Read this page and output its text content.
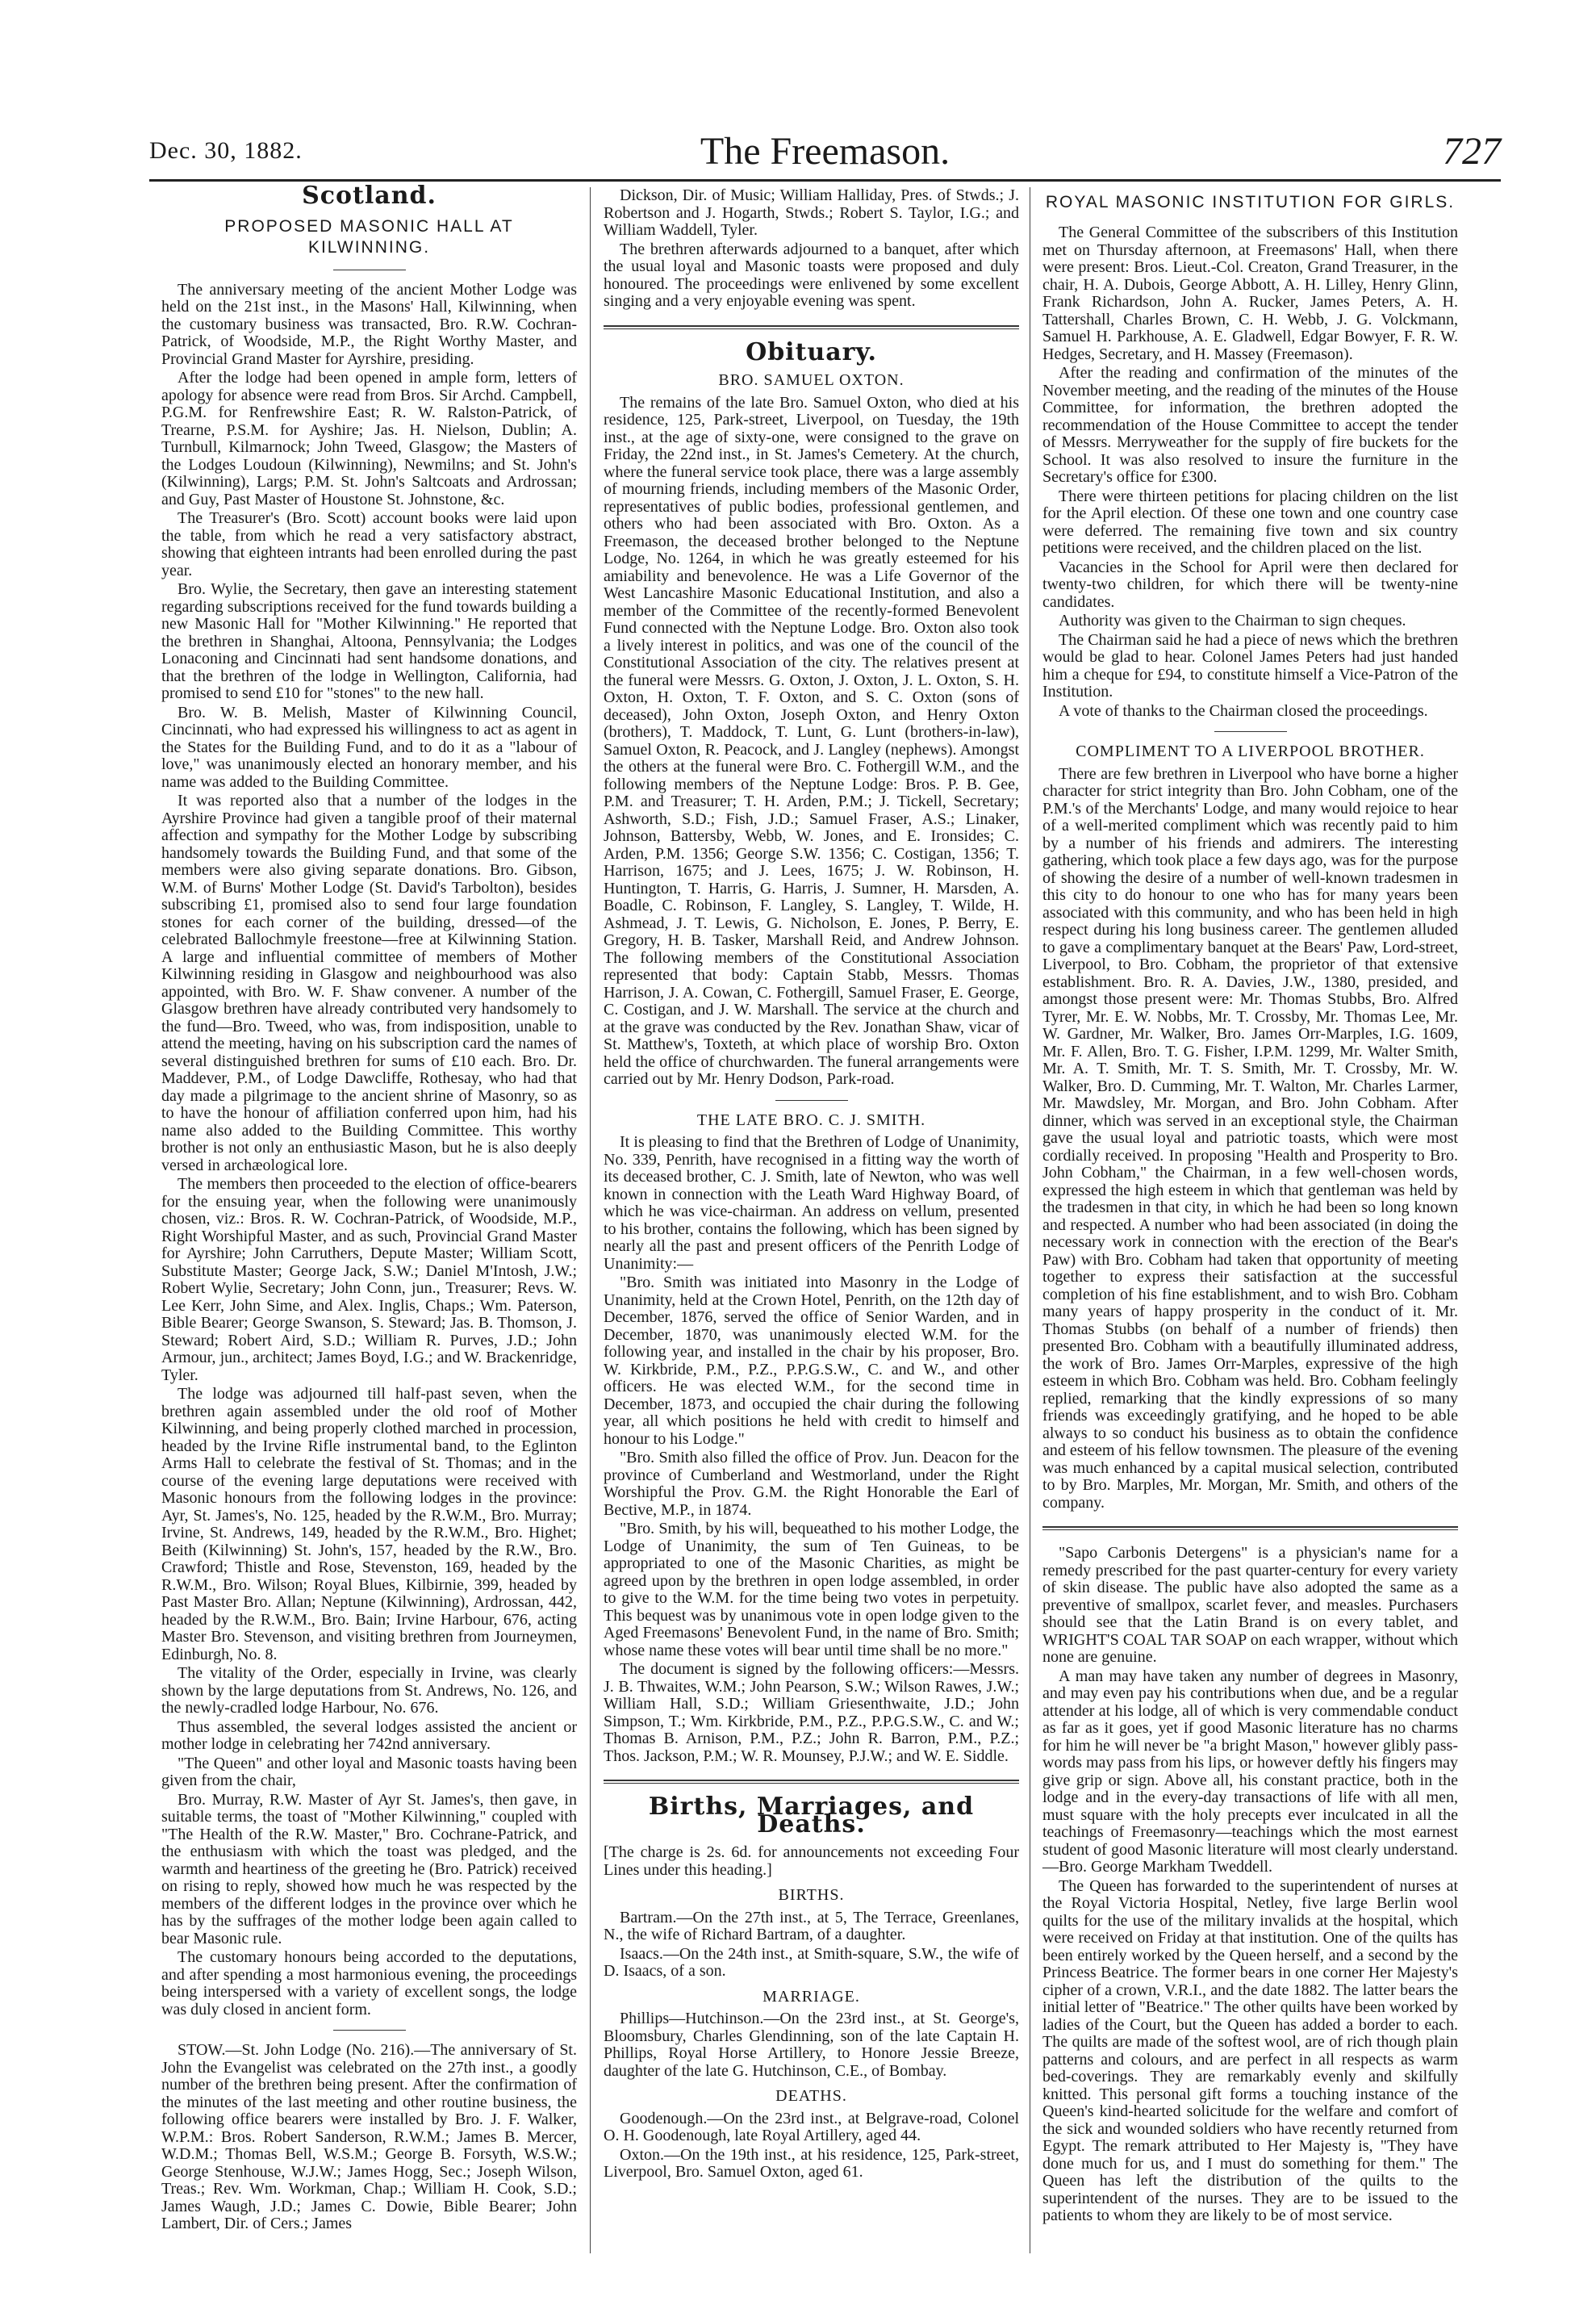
Dec. 30, 1882.	The Freemason.	727
Scotland.
PROPOSED MASONIC HALL AT KILWINNING.

The anniversary meeting of the ancient Mother Lodge was held on the 21st inst., in the Masons' Hall, Kilwinning, when the customary business was transacted, Bro. R.W. Cochran-Patrick, of Woodside, M.P., the Right Worthy Master, and Provincial Grand Master for Ayrshire, presiding.

After the lodge had been opened in ample form, letters of apology for absence were read from Bros. Sir Archd. Campbell, P.G.M. for Renfrewshire East; R. W. Ralston-Patrick, of Trearne, P.S.M. for Ayshire; Jas. H. Nielson, Dublin; A. Turnbull, Kilmarnock; John Tweed, Glasgow; the Masters of the Lodges Loudoun (Kilwinning), Newmilns; and St. John's (Kilwinning), Largs; P.M. St. John's Saltcoats and Ardrossan; and Guy, Past Master of Houstone St. Johnstone, &c.

The Treasurer's (Bro. Scott) account books were laid upon the table, from which he read a very satisfactory abstract, showing that eighteen intrants had been enrolled during the past year.

Bro. Wylie, the Secretary, then gave an interesting statement regarding subscriptions received for the fund towards building a new Masonic Hall for "Mother Kilwinning." He reported that the brethren in Shanghai, Altoona, Pennsylvania; the Lodges Lonaconing and Cincinnati had sent handsome donations, and that the brethren of the lodge in Wellington, California, had promised to send £10 for "stones" to the new hall.

Bro. W. B. Melish, Master of Kilwinning Council, Cincinnati, who had expressed his willingness to act as agent in the States for the Building Fund, and to do it as a "labour of love," was unanimously elected an honorary member, and his name was added to the Building Committee.

It was reported also that a number of the lodges in the Ayrshire Province had given a tangible proof of their maternal affection and sympathy for the Mother Lodge by subscribing handsomely towards the Building Fund, and that some of the members were also giving separate donations. Bro. Gibson, W.M. of Burns' Mother Lodge (St. David's Tarbolton), besides subscribing £1, promised also to send four large foundation stones for each corner of the building, dressed—of the celebrated Ballochmyle freestone—free at Kilwinning Station. A large and influential committee of members of Mother Kilwinning residing in Glasgow and neighbourhood was also appointed, with Bro. W. F. Shaw convener. A number of the Glasgow brethren have already contributed very handsomely to the fund—Bro. Tweed, who was, from indisposition, unable to attend the meeting, having on his subscription card the names of several distinguished brethren for sums of £10 each. Bro. Dr. Maddever, P.M., of Lodge Dawcliffe, Rothesay, who had that day made a pilgrimage to the ancient shrine of Masonry, so as to have the honour of affiliation conferred upon him, had his name also added to the Building Committee. This worthy brother is not only an enthusiastic Mason, but he is also deeply versed in archæological lore.

The members then proceeded to the election of office-bearers for the ensuing year, when the following were unanimously chosen, viz.: Bros. R. W. Cochran-Patrick, of Woodside, M.P., Right Worshipful Master, and as such, Provincial Grand Master for Ayrshire; John Carruthers, Depute Master; William Scott, Substitute Master; George Jack, S.W.; Daniel M'Intosh, J.W.; Robert Wylie, Secretary; John Conn, jun., Treasurer; Revs. W. Lee Kerr, John Sime, and Alex. Inglis, Chaps.; Wm. Paterson, Bible Bearer; George Swanson, S. Steward; Jas. B. Thomson, J. Steward; Robert Aird, S.D.; William R. Purves, J.D.; John Armour, jun., architect; James Boyd, I.G.; and W. Brackenridge, Tyler.

The lodge was adjourned till half-past seven, when the brethren again assembled under the old roof of Mother Kilwinning, and being properly clothed marched in procession, headed by the Irvine Rifle instrumental band, to the Eglinton Arms Hall to celebrate the festival of St. Thomas; and in the course of the evening large deputations were received with Masonic honours from the following lodges in the province: Ayr, St. James's, No. 125, headed by the R.W.M., Bro. Murray; Irvine, St. Andrews, 149, headed by the R.W.M., Bro. Highet; Beith (Kilwinning) St. John's, 157, headed by the R.W., Bro. Crawford; Thistle and Rose, Stevenston, 169, headed by the R.W.M., Bro. Wilson; Royal Blues, Kilbirnie, 399, headed by Past Master Bro. Allan; Neptune (Kilwinning), Ardrossan, 442, headed by the R.W.M., Bro. Bain; Irvine Harbour, 676, acting Master Bro. Stevenson, and visiting brethren from Journeymen, Edinburgh, No. 8.

The vitality of the Order, especially in Irvine, was clearly shown by the large deputations from St. Andrews, No. 126, and the newly-cradled lodge Harbour, No. 676.

Thus assembled, the several lodges assisted the ancient or mother lodge in celebrating her 742nd anniversary.

"The Queen" and other loyal and Masonic toasts having been given from the chair,

Bro. Murray, R.W. Master of Ayr St. James's, then gave, in suitable terms, the toast of "Mother Kilwinning," coupled with "The Health of the R.W. Master," Bro. Cochrane-Patrick, and the enthusiasm with which the toast was pledged, and the warmth and heartiness of the greeting he (Bro. Patrick) received on rising to reply, showed how much he was respected by the members of the different lodges in the province over which he has by the suffrages of the mother lodge been again called to bear Masonic rule.

The customary honours being accorded to the deputations, and after spending a most harmonious evening, the proceedings being interspersed with a variety of excellent songs, the lodge was duly closed in ancient form.

STOW.—St. John Lodge (No. 216).—The anniversary of St. John the Evangelist was celebrated on the 27th inst., a goodly number of the brethren being present. After the confirmation of the minutes of the last meeting and other routine business, the following office bearers were installed by Bro. J. F. Walker, W.P.M.: Bros. Robert Sanderson, R.W.M.; James B. Mercer, W.D.M.; Thomas Bell, W.S.M.; George B. Forsyth, W.S.W.; George Stenhouse, W.J.W.; James Hogg, Sec.; Joseph Wilson, Treas.; Rev. Wm. Workman, Chap.; William H. Cook, S.D.; James Waugh, J.D.; James C. Dowie, Bible Bearer; John Lambert, Dir. of Cers.; James

Dickson, Dir. of Music; William Halliday, Pres. of Stwds.; J. Robertson and J. Hogarth, Stwds.; Robert S. Taylor, I.G.; and William Waddell, Tyler.

The brethren afterwards adjourned to a banquet, after which the usual loyal and Masonic toasts were proposed and duly honoured. The proceedings were enlivened by some excellent singing and a very enjoyable evening was spent.

Obituary.
BRO. SAMUEL OXTON.

The remains of the late Bro. Samuel Oxton, who died at his residence, 125, Park-street, Liverpool, on Tuesday, the 19th inst., at the age of sixty-one, were consigned to the grave on Friday, the 22nd inst., in St. James's Cemetery. At the church, where the funeral service took place, there was a large assembly of mourning friends, including members of the Masonic Order, representatives of public bodies, professional gentlemen, and others who had been associated with Bro. Oxton. As a Freemason, the deceased brother belonged to the Neptune Lodge, No. 1264, in which he was greatly esteemed for his amiability and benevolence. He was a Life Governor of the West Lancashire Masonic Educational Institution, and also a member of the Committee of the recently-formed Benevolent Fund connected with the Neptune Lodge. Bro. Oxton also took a lively interest in politics, and was one of the council of the Constitutional Association of the city. The relatives present at the funeral were Messrs. G. Oxton, J. Oxton, J. L. Oxton, S. H. Oxton, H. Oxton, T. F. Oxton, and S. C. Oxton (sons of deceased), John Oxton, Joseph Oxton, and Henry Oxton (brothers), T. Maddock, T. Lunt, G. Lunt (brothers-in-law), Samuel Oxton, R. Peacock, and J. Langley (nephews). Amongst the others at the funeral were Bro. C. Fothergill W.M., and the following members of the Neptune Lodge: Bros. P. B. Gee, P.M. and Treasurer; T. H. Arden, P.M.; J. Tickell, Secretary; Ashworth, S.D.; Fish, J.D.; Samuel Fraser, A.S.; Linaker, Johnson, Battersby, Webb, W. Jones, and E. Ironsides; C. Arden, P.M. 1356; George S.W. 1356; C. Costigan, 1356; T. Harrison, 1675; and J. Lees, 1675; J. W. Robinson, H. Huntington, T. Harris, G. Harris, J. Sumner, H. Marsden, A. Boadle, C. Robinson, F. Langley, S. Langley, T. Wilde, H. Ashmead, J. T. Lewis, G. Nicholson, E. Jones, P. Berry, E. Gregory, H. B. Tasker, Marshall Reid, and Andrew Johnson. The following members of the Constitutional Association represented that body: Captain Stabb, Messrs. Thomas Harrison, J. A. Cowan, C. Fothergill, Samuel Fraser, E. George, C. Costigan, and J. W. Marshall. The service at the church and at the grave was conducted by the Rev. Jonathan Shaw, vicar of St. Matthew's, Toxteth, at which place of worship Bro. Oxton held the office of churchwarden. The funeral arrangements were carried out by Mr. Henry Dodson, Park-road.

THE LATE BRO. C. J. SMITH.

It is pleasing to find that the Brethren of Lodge of Unanimity, No. 339, Penrith, have recognised in a fitting way the worth of its deceased brother, C. J. Smith, late of Newton, who was well known in connection with the Leath Ward Highway Board, of which he was vice-chairman. An address on vellum, presented to his brother, contains the following, which has been signed by nearly all the past and present officers of the Penrith Lodge of Unanimity:—

"Bro. Smith was initiated into Masonry in the Lodge of Unanimity, held at the Crown Hotel, Penrith, on the 12th day of December, 1876, served the office of Senior Warden, and in December, 1870, was unanimously elected W.M. for the following year, and installed in the chair by his proposer, Bro. W. Kirkbride, P.M., P.Z., P.P.G.S.W., C. and W., and other officers. He was elected W.M., for the second time in December, 1873, and occupied the chair during the following year, all which positions he held with credit to himself and honour to his Lodge."

"Bro. Smith also filled the office of Prov. Jun. Deacon for the province of Cumberland and Westmorland, under the Right Worshipful the Prov. G.M. the Right Honorable the Earl of Bective, M.P., in 1874.

"Bro. Smith, by his will, bequeathed to his mother Lodge, the Lodge of Unanimity, the sum of Ten Guineas, to be appropriated to one of the Masonic Charities, as might be agreed upon by the brethren in open lodge assembled, in order to give to the W.M. for the time being two votes in perpetuity. This bequest was by unanimous vote in open lodge given to the Aged Freemasons' Benevolent Fund, in the name of Bro. Smith; whose name these votes will bear until time shall be no more."

The document is signed by the following officers:—Messrs. J. B. Thwaites, W.M.; John Pearson, S.W.; Wilson Rawes, J.W.; William Hall, S.D.; William Griesenthwaite, J.D.; John Simpson, T.; Wm. Kirkbride, P.M., P.Z., P.P.G.S.W., C. and W.; Thomas B. Arnison, P.M., P.Z.; John R. Barron, P.M., P.Z.; Thos. Jackson, P.M.; W. R. Mounsey, P.J.W.; and W. E. Siddle.

Births, Marriages, and Deaths.

[The charge is 2s. 6d. for announcements not exceeding Four Lines under this heading.]

BIRTHS.

Bartram.—On the 27th inst., at 5, The Terrace, Greenlanes, N., the wife of Richard Bartram, of a daughter.

Isaacs.—On the 24th inst., at Smith-square, S.W., the wife of D. Isaacs, of a son.

MARRIAGE.

Phillips—Hutchinson.—On the 23rd inst., at St. George's, Bloomsbury, Charles Glendinning, son of the late Captain H. Phillips, Royal Horse Artillery, to Honore Jessie Breeze, daughter of the late G. Hutchinson, C.E., of Bombay.

DEATHS.

Goodenough.—On the 23rd inst., at Belgrave-road, Colonel O. H. Goodenough, late Royal Artillery, aged 44.

Oxton.—On the 19th inst., at his residence, 125, Park-street, Liverpool, Bro. Samuel Oxton, aged 61.

ROYAL MASONIC INSTITUTION FOR GIRLS.

The General Committee of the subscribers of this Institution met on Thursday afternoon, at Freemasons' Hall, when there were present: Bros. Lieut.-Col. Creaton, Grand Treasurer, in the chair, H. A. Dubois, George Abbott, A. H. Lilley, Henry Glinn, Frank Richardson, John A. Rucker, James Peters, A. H. Tattershall, Charles Brown, C. H. Webb, J. G. Volckmann, Samuel H. Parkhouse, A. E. Gladwell, Edgar Bowyer, F. R. W. Hedges, Secretary, and H. Massey (Freemason).

After the reading and confirmation of the minutes of the November meeting, and the reading of the minutes of the House Committee, for information, the brethren adopted the recommendation of the House Committee to accept the tender of Messrs. Merryweather for the supply of fire buckets for the School. It was also resolved to insure the furniture in the Secretary's office for £300.

There were thirteen petitions for placing children on the list for the April election. Of these one town and one country case were deferred. The remaining five town and six country petitions were received, and the children placed on the list.

Vacancies in the School for April were then declared for twenty-two children, for which there will be twenty-nine candidates.

Authority was given to the Chairman to sign cheques.

The Chairman said he had a piece of news which the brethren would be glad to hear. Colonel James Peters had just handed him a cheque for £94, to constitute himself a Vice-Patron of the Institution.

A vote of thanks to the Chairman closed the proceedings.

COMPLIMENT TO A LIVERPOOL BROTHER.

There are few brethren in Liverpool who have borne a higher character for strict integrity than Bro. John Cobham, one of the P.M.'s of the Merchants' Lodge, and many would rejoice to hear of a well-merited compliment which was recently paid to him by a number of his friends and admirers. The interesting gathering, which took place a few days ago, was for the purpose of showing the desire of a number of well-known tradesmen in this city to do honour to one who has for many years been associated with this community, and who has been held in high respect during his long business career. The gentlemen alluded to gave a complimentary banquet at the Bears' Paw, Lord-street, Liverpool, to Bro. Cobham, the proprietor of that extensive establishment. Bro. R. A. Davies, J.W., 1380, presided, and amongst those present were: Mr. Thomas Stubbs, Bro. Alfred Tyrer, Mr. E. W. Nobbs, Mr. T. Crossby, Mr. Thomas Lee, Mr. W. Gardner, Mr. Walker, Bro. James Orr-Marples, I.G. 1609, Mr. F. Allen, Bro. T. G. Fisher, I.P.M. 1299, Mr. Walter Smith, Mr. A. T. Smith, Mr. T. S. Smith, Mr. T. Crossby, Mr. W. Walker, Bro. D. Cumming, Mr. T. Walton, Mr. Charles Larmer, Mr. Mawdsley, Mr. Morgan, and Bro. John Cobham. After dinner, which was served in an exceptional style, the Chairman gave the usual loyal and patriotic toasts, which were most cordially received. In proposing "Health and Prosperity to Bro. John Cobham," the Chairman, in a few well-chosen words, expressed the high esteem in which that gentleman was held by the tradesmen in that city, in which he had been so long known and respected. A number who had been associated (in doing the necessary work in connection with the erection of the Bear's Paw) with Bro. Cobham had taken that opportunity of meeting together to express their satisfaction at the successful completion of his fine establishment, and to wish Bro. Cobham many years of happy prosperity in the conduct of it. Mr. Thomas Stubbs (on behalf of a number of friends) then presented Bro. Cobham with a beautifully illuminated address, the work of Bro. James Orr-Marples, expressive of the high esteem in which Bro. Cobham was held. Bro. Cobham feelingly replied, remarking that the kindly expressions of so many friends was exceedingly gratifying, and he hoped to be able always to so conduct his business as to obtain the confidence and esteem of his fellow townsmen. The pleasure of the evening was much enhanced by a capital musical selection, contributed to by Bro. Marples, Mr. Morgan, Mr. Smith, and others of the company.

"Sapo Carbonis Detergens" is a physician's name for a remedy prescribed for the past quarter-century for every variety of skin disease. The public have also adopted the same as a preventive of smallpox, scarlet fever, and measles. Purchasers should see that the Latin Brand is on every tablet, and WRIGHT'S COAL TAR SOAP on each wrapper, without which none are genuine.

A man may have taken any number of degrees in Masonry, and may even pay his contributions when due, and be a regular attender at his lodge, all of which is very commendable conduct as far as it goes, yet if good Masonic literature has no charms for him he will never be "a bright Mason," however glibly pass-words may pass from his lips, or however deftly his fingers may give grip or sign. Above all, his constant practice, both in the lodge and in the every-day transactions of life with all men, must square with the holy precepts ever inculcated in all the teachings of Freemasonry—teachings which the most earnest student of good Masonic literature will most clearly understand.—Bro. George Markham Tweddell.

The Queen has forwarded to the superintendent of nurses at the Royal Victoria Hospital, Netley, five large Berlin wool quilts for the use of the military invalids at the hospital, which were received on Friday at that institution. One of the quilts has been entirely worked by the Queen herself, and a second by the Princess Beatrice. The former bears in one corner Her Majesty's cipher of a crown, V.R.I., and the date 1882. The latter bears the initial letter of "Beatrice." The other quilts have been worked by ladies of the Court, but the Queen has added a border to each. The quilts are made of the softest wool, are of rich though plain patterns and colours, and are perfect in all respects as warm bed-coverings. They are remarkably evenly and skilfully knitted. This personal gift forms a touching instance of the Queen's kind-hearted solicitude for the welfare and comfort of the sick and wounded soldiers who have recently returned from Egypt. The remark attributed to Her Majesty is, "They have done much for us, and I must do something for them." The Queen has left the distribution of the quilts to the superintendent of the nurses. They are to be issued to the patients to whom they are likely to be of most service.
